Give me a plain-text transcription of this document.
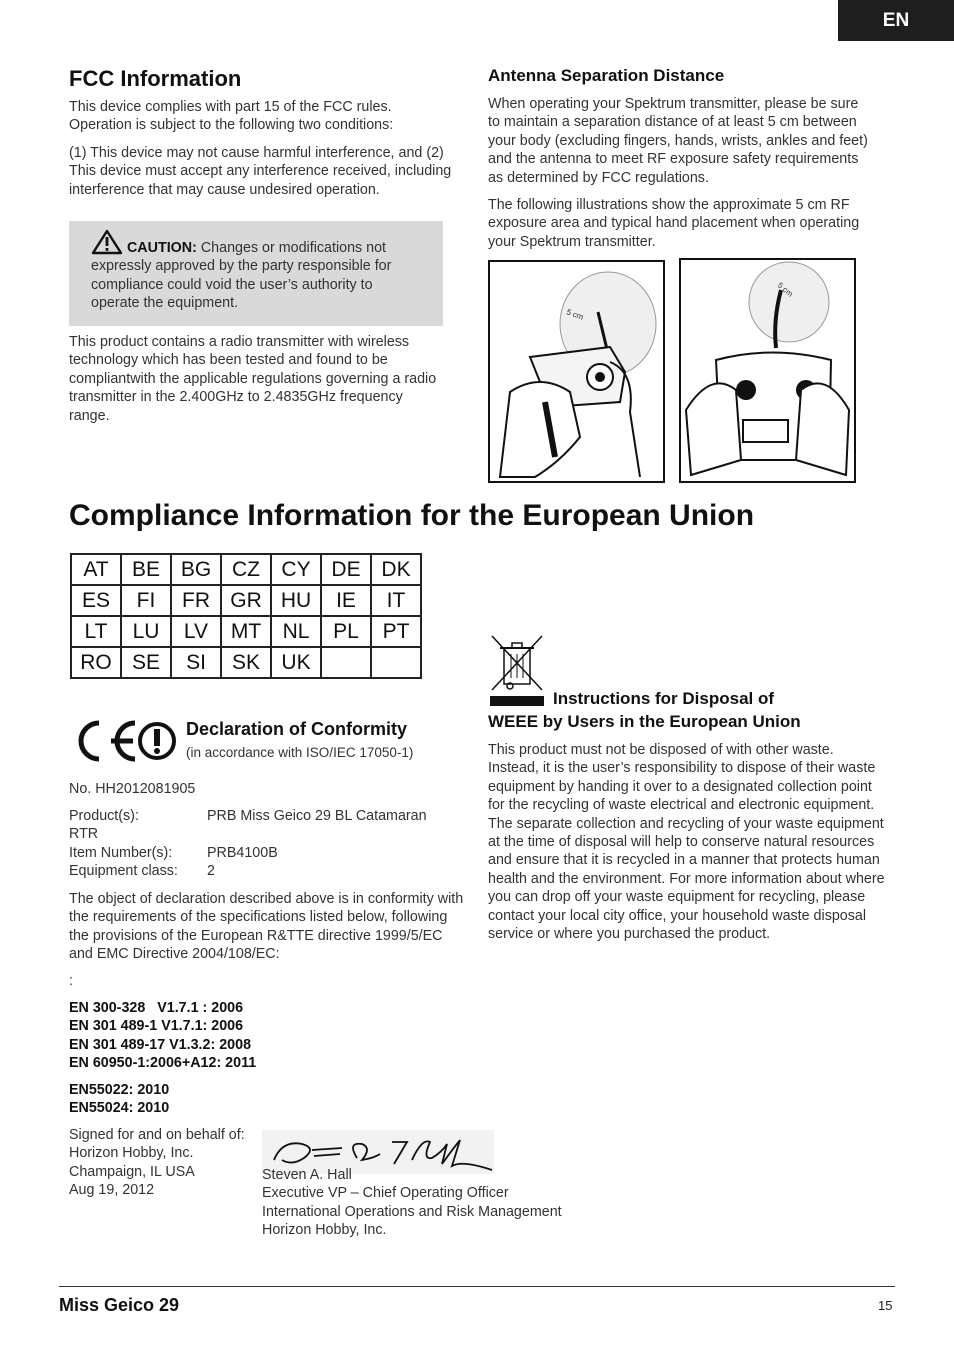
EN
FCC Information

This device complies with part 15 of the FCC rules. Operation is subject to the following two conditions:

(1) This device may not cause harmful interference, and (2) This device must accept any interference received, including interference that may cause undesired operation.

CAUTION: Changes or modifications not expressly approved by the party responsible for compliance could void the user’s authority to operate the equipment.

This product contains a radio transmitter with wireless technology which has been tested and found to be compliantwith the applicable regulations governing a radio transmitter in the 2.400GHz to 2.4835GHz frequency range.

Antenna Separation Distance

When operating your Spektrum transmitter, please be sure to maintain a separation distance of at least 5 cm between your body (excluding fingers, hands, wrists, ankles and feet) and the antenna to meet RF exposure safety requirements as determined by FCC regulations.

The following illustrations show the approximate 5 cm RF exposure area and typical hand placement when operating your Spektrum transmitter.

5 cm
5 cm
Compliance Information for the European Union
AT	BE	BG	CZ	CY	DE	DK
ES	FI	FR	GR	HU	IE	IT
LT	LU	LV	MT	NL	PL	PT
RO	SE	SI	SK	UK		
Declaration of Conformity
(in accordance with ISO/IEC 17050-1)

No. HH2012081905

Product(s):	PRB Miss Geico 29 BL Catamaran
RTR
Item Number(s): PRB4100B
Equipment class: 2

The object of declaration described above is in conformity with the requirements of the specifications listed below, following the provisions of the European R&TTE directive 1999/5/EC and EMC Directive 2004/108/EC:

:

EN 300-328   V1.7.1 : 2006

EN 301 489-1 V1.7.1: 2006

EN 301 489-17 V1.3.2: 2008

EN 60950-1:2006+A12: 2011

EN55022: 2010

EN55024: 2010

Signed for and on behalf of:

Horizon Hobby, Inc.

Champaign, IL USA

Aug 19, 2012

Steven A. Hall

Executive VP – Chief Operating Officer

International Operations and Risk Management

Horizon Hobby, Inc.

Instructions for Disposal of
WEEE by Users in the European Union

This product must not be disposed of with other waste. Instead, it is the user’s responsibility to dispose of their waste equipment by handing it over to a designated collection point for the recycling of waste electrical and electronic equipment. The separate collection and recycling of your waste equipment at the time of disposal will help to conserve natural resources and ensure that it is recycled in a manner that protects human health and the environment. For more information about where you can drop off your waste equipment for recycling, please contact your local city office, your household waste disposal service or where you purchased the product.

Miss Geico 29	15
